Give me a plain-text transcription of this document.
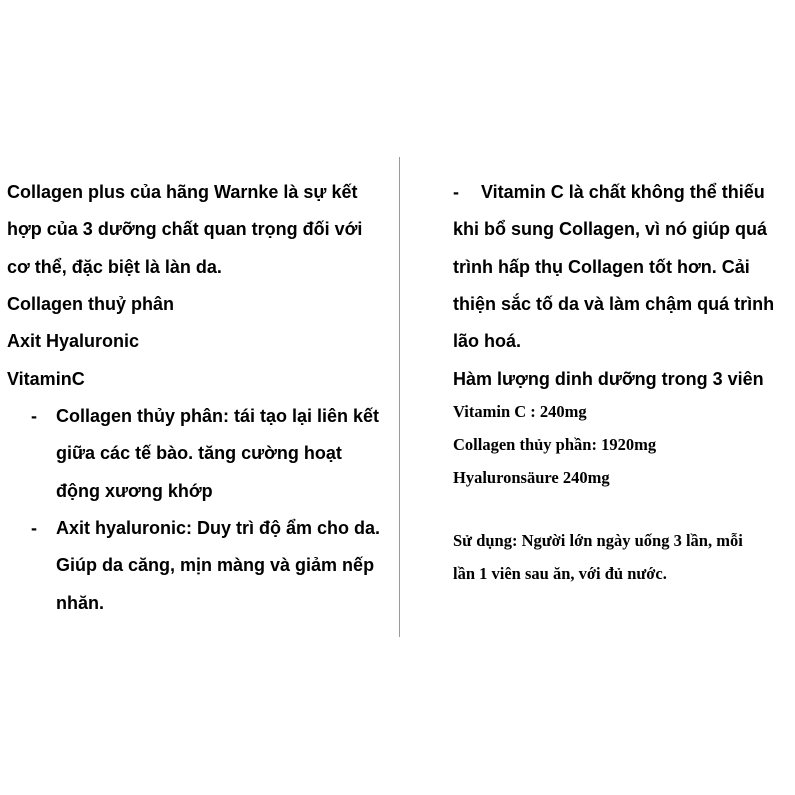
Collagen plus của hãng Warnke là sự kết
hợp của 3 dưỡng chất quan trọng đối với
cơ thể, đặc biệt là làn da.
Collagen thuỷ phân
Axit Hyaluronic
VitaminC
- Collagen thủy phân: tái tạo lại liên kết
giữa các tế bào. tăng cường hoạt
động xương khớp
- Axit hyaluronic: Duy trì độ ẩm cho da.
Giúp da căng, mịn màng và giảm nếp
nhăn.
- Vitamin C là chất không thể thiếu
khi bổ sung Collagen, vì nó giúp quá
trình hấp thụ Collagen tốt hơn. Cải
thiện sắc tố da và làm chậm quá trình
lão hoá.
Hàm lượng dinh dưỡng trong 3 viên
Vitamin C : 240mg
Collagen thủy phần: 1920mg
Hyaluronsäure 240mg
Sử dụng: Người lớn ngày uống 3 lần, mỗi
lần 1 viên sau ăn, với đủ nước.
